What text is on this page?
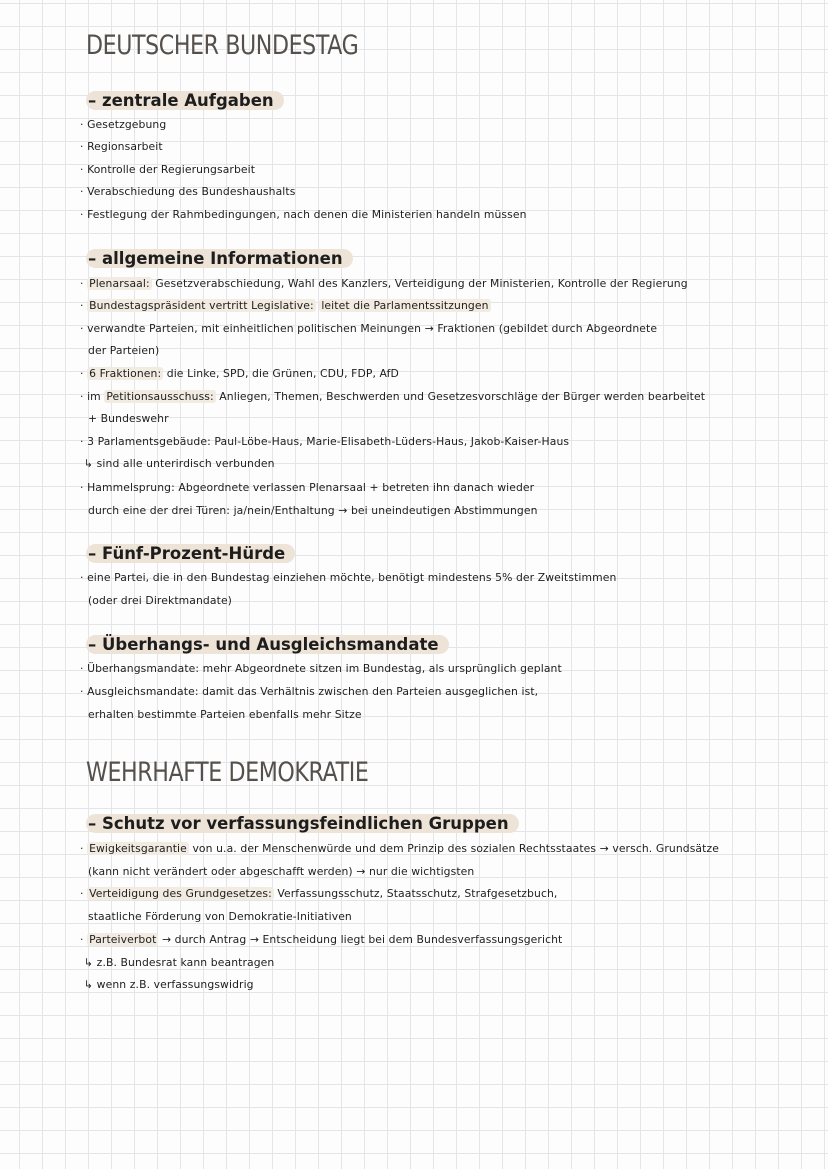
DEUTSCHER BUNDESTAG
– zentrale Aufgaben

· Gesetzgebung

· Regionsarbeit

· Kontrolle der Regierungsarbeit

· Verabschiedung des Bundeshaushalts

· Festlegung der Rahmbedingungen, nach denen die Ministerien handeln müssen

– allgemeine Informationen

· Plenarsaal: Gesetzverabschiedung, Wahl des Kanzlers, Verteidigung der Ministerien, Kontrolle der Regierung

· Bundestagspräsident vertritt Legislative: leitet die Parlamentssitzungen

· verwandte Parteien, mit einheitlichen politischen Meinungen → Fraktionen (gebildet durch Abgeordnete

der Parteien)

· 6 Fraktionen: die Linke, SPD, die Grünen, CDU, FDP, AfD

· im Petitionsausschuss: Anliegen, Themen, Beschwerden und Gesetzesvorschläge der Bürger werden bearbeitet

+ Bundeswehr

· 3 Parlamentsgebäude: Paul-Löbe-Haus, Marie-Elisabeth-Lüders-Haus, Jakob-Kaiser-Haus

↳ sind alle unterirdisch verbunden

· Hammelsprung: Abgeordnete verlassen Plenarsaal + betreten ihn danach wieder

durch eine der drei Türen: ja/nein/Enthaltung → bei uneindeutigen Abstimmungen

– Fünf-Prozent-Hürde

· eine Partei, die in den Bundestag einziehen möchte, benötigt mindestens 5% der Zweitstimmen

(oder drei Direktmandate)

– Überhangs- und Ausgleichsmandate

· Überhangsmandate: mehr Abgeordnete sitzen im Bundestag, als ursprünglich geplant

· Ausgleichsmandate: damit das Verhältnis zwischen den Parteien ausgeglichen ist,

erhalten bestimmte Parteien ebenfalls mehr Sitze

WEHRHAFTE DEMOKRATIE
– Schutz vor verfassungsfeindlichen Gruppen

· Ewigkeitsgarantie von u.a. der Menschenwürde und dem Prinzip des sozialen Rechtsstaates → versch. Grundsätze

(kann nicht verändert oder abgeschafft werden) → nur die wichtigsten

· Verteidigung des Grundgesetzes: Verfassungsschutz, Staatsschutz, Strafgesetzbuch,

staatliche Förderung von Demokratie-Initiativen

· Parteiverbot → durch Antrag → Entscheidung liegt bei dem Bundesverfassungsgericht

↳ z.B. Bundesrat kann beantragen

↳ wenn z.B. verfassungswidrig
